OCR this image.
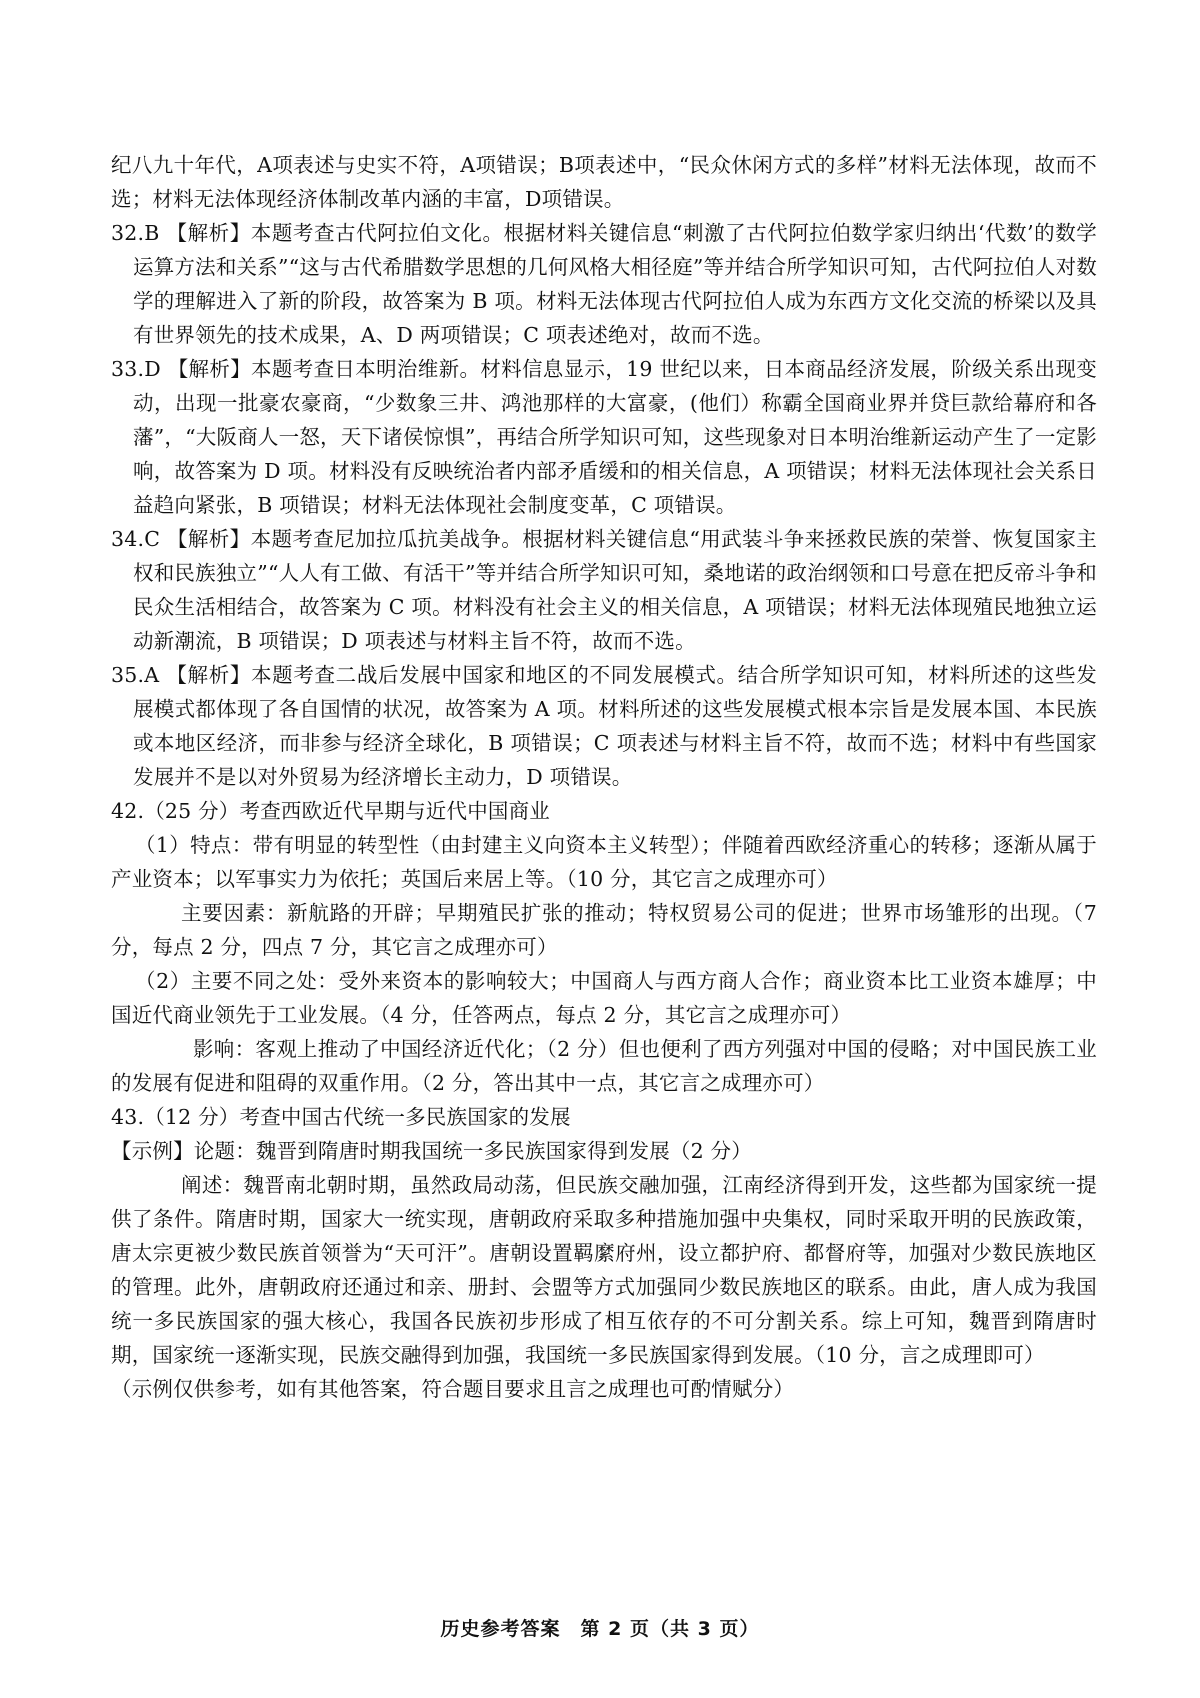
纪八九十年代，A项表述与史实不符，A项错误；B项表述中，“民众休闲方式的多样”材料无法体现，故而不选；材料无法体现经济体制改革内涵的丰富，D项错误。

32.B 【解析】本题考查古代阿拉伯文化。根据材料关键信息“刺激了古代阿拉伯数学家归纳出‘代数’的数学运算方法和关系”“这与古代希腊数学思想的几何风格大相径庭”等并结合所学知识可知，古代阿拉伯人对数学的理解进入了新的阶段，故答案为 B 项。材料无法体现古代阿拉伯人成为东西方文化交流的桥梁以及具有世界领先的技术成果，A、D 两项错误；C 项表述绝对，故而不选。

33.D 【解析】本题考查日本明治维新。材料信息显示，19 世纪以来，日本商品经济发展，阶级关系出现变动，出现一批豪农豪商，“少数象三井、鸿池那样的大富豪，(他们）称霸全国商业界并贷巨款给幕府和各藩”，“大阪商人一怒，天下诸侯惊惧”，再结合所学知识可知，这些现象对日本明治维新运动产生了一定影响，故答案为 D 项。材料没有反映统治者内部矛盾缓和的相关信息，A 项错误；材料无法体现社会关系日益趋向紧张，B 项错误；材料无法体现社会制度变革，C 项错误。

34.C 【解析】本题考查尼加拉瓜抗美战争。根据材料关键信息“用武装斗争来拯救民族的荣誉、恢复国家主权和民族独立”“人人有工做、有活干”等并结合所学知识可知，桑地诺的政治纲领和口号意在把反帝斗争和民众生活相结合，故答案为 C 项。材料没有社会主义的相关信息，A 项错误；材料无法体现殖民地独立运动新潮流，B 项错误；D 项表述与材料主旨不符，故而不选。

35.A 【解析】本题考查二战后发展中国家和地区的不同发展模式。结合所学知识可知，材料所述的这些发展模式都体现了各自国情的状况，故答案为 A 项。材料所述的这些发展模式根本宗旨是发展本国、本民族或本地区经济，而非参与经济全球化，B 项错误；C 项表述与材料主旨不符，故而不选；材料中有些国家发展并不是以对外贸易为经济增长主动力，D 项错误。

42.（25 分）考查西欧近代早期与近代中国商业

（1）特点：带有明显的转型性（由封建主义向资本主义转型）；伴随着西欧经济重心的转移；逐渐从属于产业资本；以军事实力为依托；英国后来居上等。（10 分，其它言之成理亦可）

主要因素：新航路的开辟；早期殖民扩张的推动；特权贸易公司的促进；世界市场雏形的出现。（7 分，每点 2 分，四点 7 分，其它言之成理亦可）

（2）主要不同之处：受外来资本的影响较大；中国商人与西方商人合作；商业资本比工业资本雄厚；中国近代商业领先于工业发展。（4 分，任答两点，每点 2 分，其它言之成理亦可）

影响：客观上推动了中国经济近代化；（2 分）但也便利了西方列强对中国的侵略；对中国民族工业的发展有促进和阻碍的双重作用。（2 分，答出其中一点，其它言之成理亦可）

43.（12 分）考查中国古代统一多民族国家的发展

【示例】论题：魏晋到隋唐时期我国统一多民族国家得到发展（2 分）

阐述：魏晋南北朝时期，虽然政局动荡，但民族交融加强，江南经济得到开发，这些都为国家统一提供了条件。隋唐时期，国家大一统实现，唐朝政府采取多种措施加强中央集权，同时采取开明的民族政策，唐太宗更被少数民族首领誉为“天可汗”。唐朝设置羁縻府州，设立都护府、都督府等，加强对少数民族地区的管理。此外，唐朝政府还通过和亲、册封、会盟等方式加强同少数民族地区的联系。由此，唐人成为我国统一多民族国家的强大核心，我国各民族初步形成了相互依存的不可分割关系。综上可知，魏晋到隋唐时期，国家统一逐渐实现，民族交融得到加强，我国统一多民族国家得到发展。（10 分，言之成理即可）

（示例仅供参考，如有其他答案，符合题目要求且言之成理也可酌情赋分）

历史参考答案　第 2 页（共 3 页）
